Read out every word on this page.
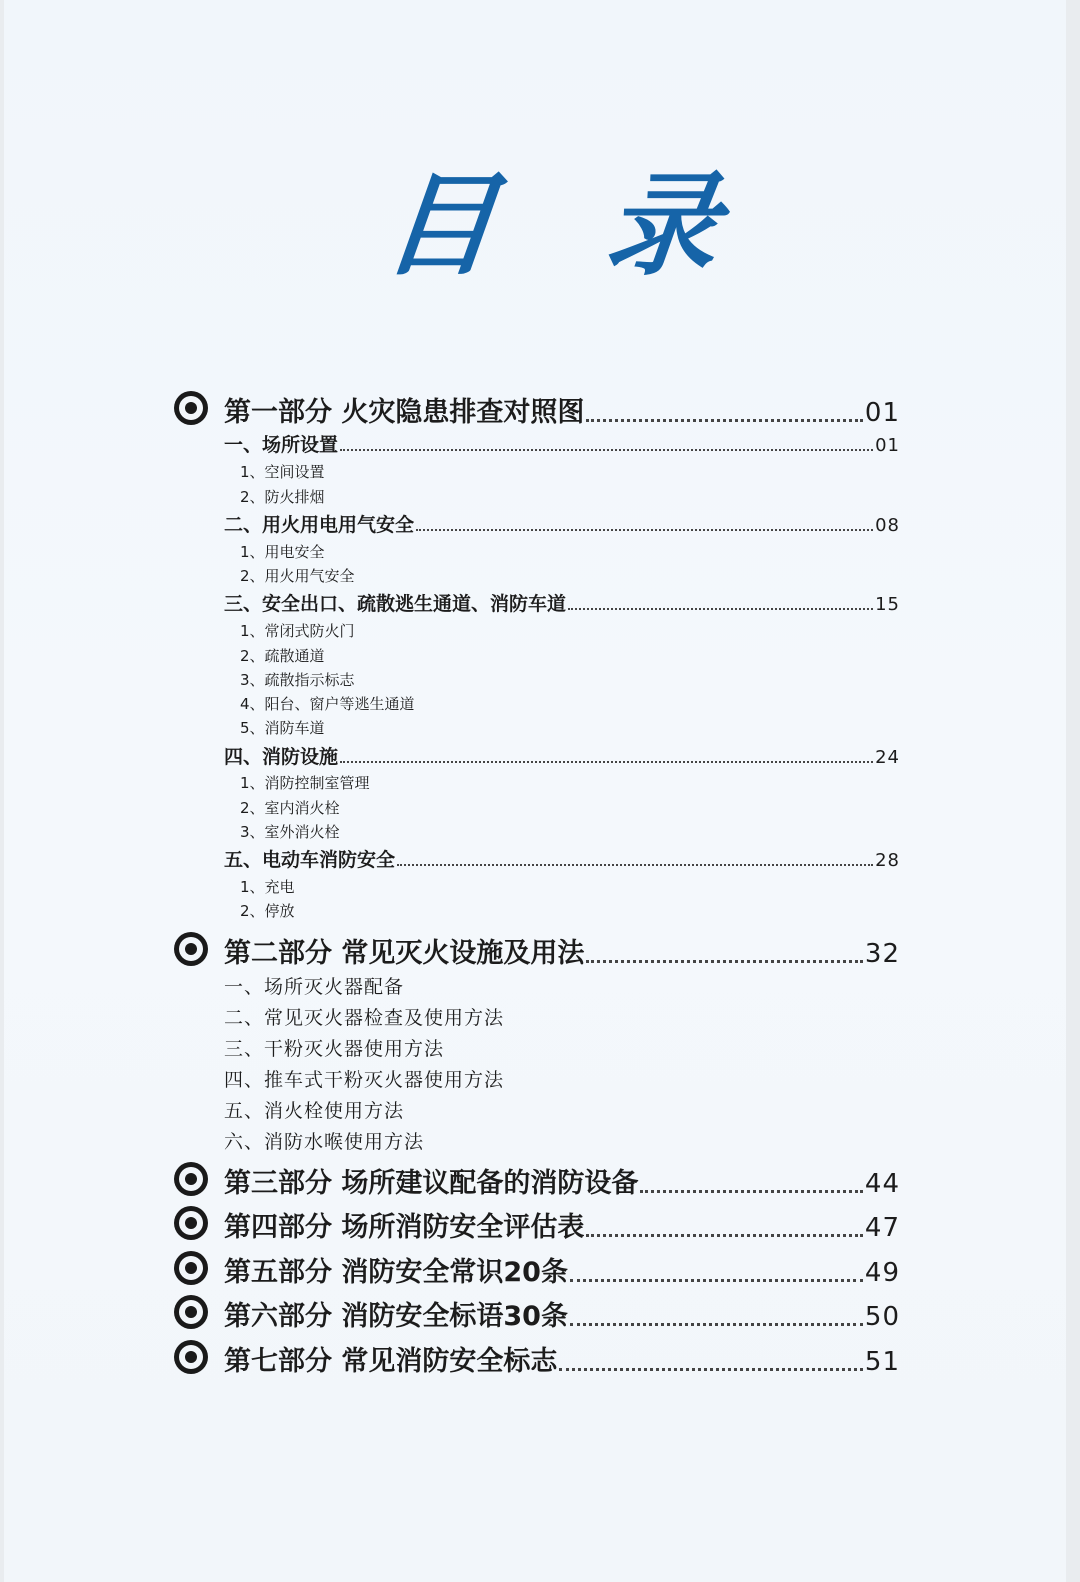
目 录
第一部分 火灾隐患排查对照图	01
一、场所设置	01
1、空间设置
2、防火排烟
二、用火用电用气安全	08
1、用电安全
2、用火用气安全
三、安全出口、疏散逃生通道、消防车道	15
1、常闭式防火门
2、疏散通道
3、疏散指示标志
4、阳台、窗户等逃生通道
5、消防车道
四、消防设施	24
1、消防控制室管理
2、室内消火栓
3、室外消火栓
五、电动车消防安全	28
1、充电
2、停放
第二部分 常见灭火设施及用法	32
一、场所灭火器配备
二、常见灭火器检查及使用方法
三、干粉灭火器使用方法
四、推车式干粉灭火器使用方法
五、消火栓使用方法
六、消防水喉使用方法
第三部分 场所建议配备的消防设备	44
第四部分 场所消防安全评估表	47
第五部分 消防安全常识20条	49
第六部分 消防安全标语30条	50
第七部分 常见消防安全标志	51
